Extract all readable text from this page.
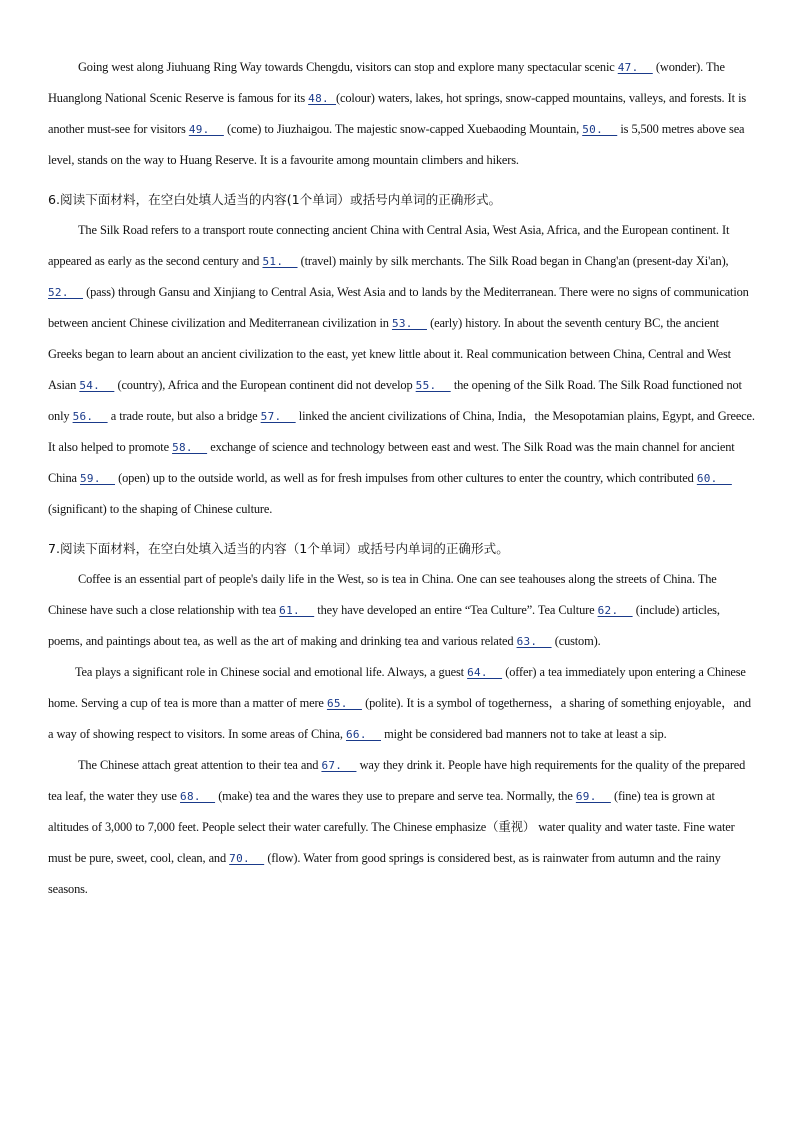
Going west along Jiuhuang Ring Way towards Chengdu, visitors can stop and explore many spectacular scenic 47.   (wonder). The Huanglong National Scenic Reserve is famous for its 48. (colour) waters, lakes, hot springs, snow-capped mountains, valleys, and forests. It is another must-see for visitors 49.   (come) to Jiuzhaigou. The majestic snow-capped Xuebaoding Mountain, 50.   is 5,500 metres above sea level, stands on the way to Huang Reserve. It is a favourite among mountain climbers and hikers.

6.阅读下面材料，在空白处填人适当的内容(1个单词）或括号内单词的正确形式。

The Silk Road refers to a transport route connecting ancient China with Central Asia, West Asia, Africa, and the European continent. It appeared as early as the second century and 51.   (travel) mainly by silk merchants. The Silk Road began in Chang'an (present-day Xi'an), 52.   (pass) through Gansu and Xinjiang to Central Asia, West Asia and to lands by the Mediterranean. There were no signs of communication between ancient Chinese civilization and Mediterranean civilization in 53.   (early) history. In about the seventh century BC, the ancient Greeks began to learn about an ancient civilization to the east, yet knew little about it. Real communication between China, Central and West Asian 54.   (country), Africa and the European continent did not develop 55.   the opening of the Silk Road. The Silk Road functioned not only 56.   a trade route, but also a bridge 57.   linked the ancient civilizations of China, India，the Mesopotamian plains, Egypt, and Greece. It also helped to promote 58.   exchange of science and technology between east and west. The Silk Road was the main channel for ancient China 59.   (open) up to the outside world, as well as for fresh impulses from other cultures to enter the country, which contributed 60.   (significant) to the shaping of Chinese culture.

7.阅读下面材料，在空白处填入适当的内容（1个单词）或括号内单词的正确形式。

Coffee is an essential part of people's daily life in the West, so is tea in China. One can see teahouses along the streets of China. The Chinese have such a close relationship with tea 61.   they have developed an entire “Tea Culture”. Tea Culture 62.   (include) articles, poems, and paintings about tea, as well as the art of making and drinking tea and various related 63.   (custom).

Tea plays a significant role in Chinese social and emotional life. Always, a guest 64.   (offer) a tea immediately upon entering a Chinese home. Serving a cup of tea is more than a matter of mere 65.   (polite). It is a symbol of togetherness，a sharing of something enjoyable，and a way of showing respect to visitors. In some areas of China, 66.   might be considered bad manners not to take at least a sip.

The Chinese attach great attention to their tea and 67.   way they drink it. People have high requirements for the quality of the prepared tea leaf, the water they use 68.   (make) tea and the wares they use to prepare and serve tea. Normally, the 69.   (fine) tea is grown at altitudes of 3,000 to 7,000 feet. People select their water carefully. The Chinese emphasize（重视） water quality and water taste. Fine water must be pure, sweet, cool, clean, and 70.   (flow). Water from good springs is considered best, as is rainwater from autumn and the rainy seasons.
